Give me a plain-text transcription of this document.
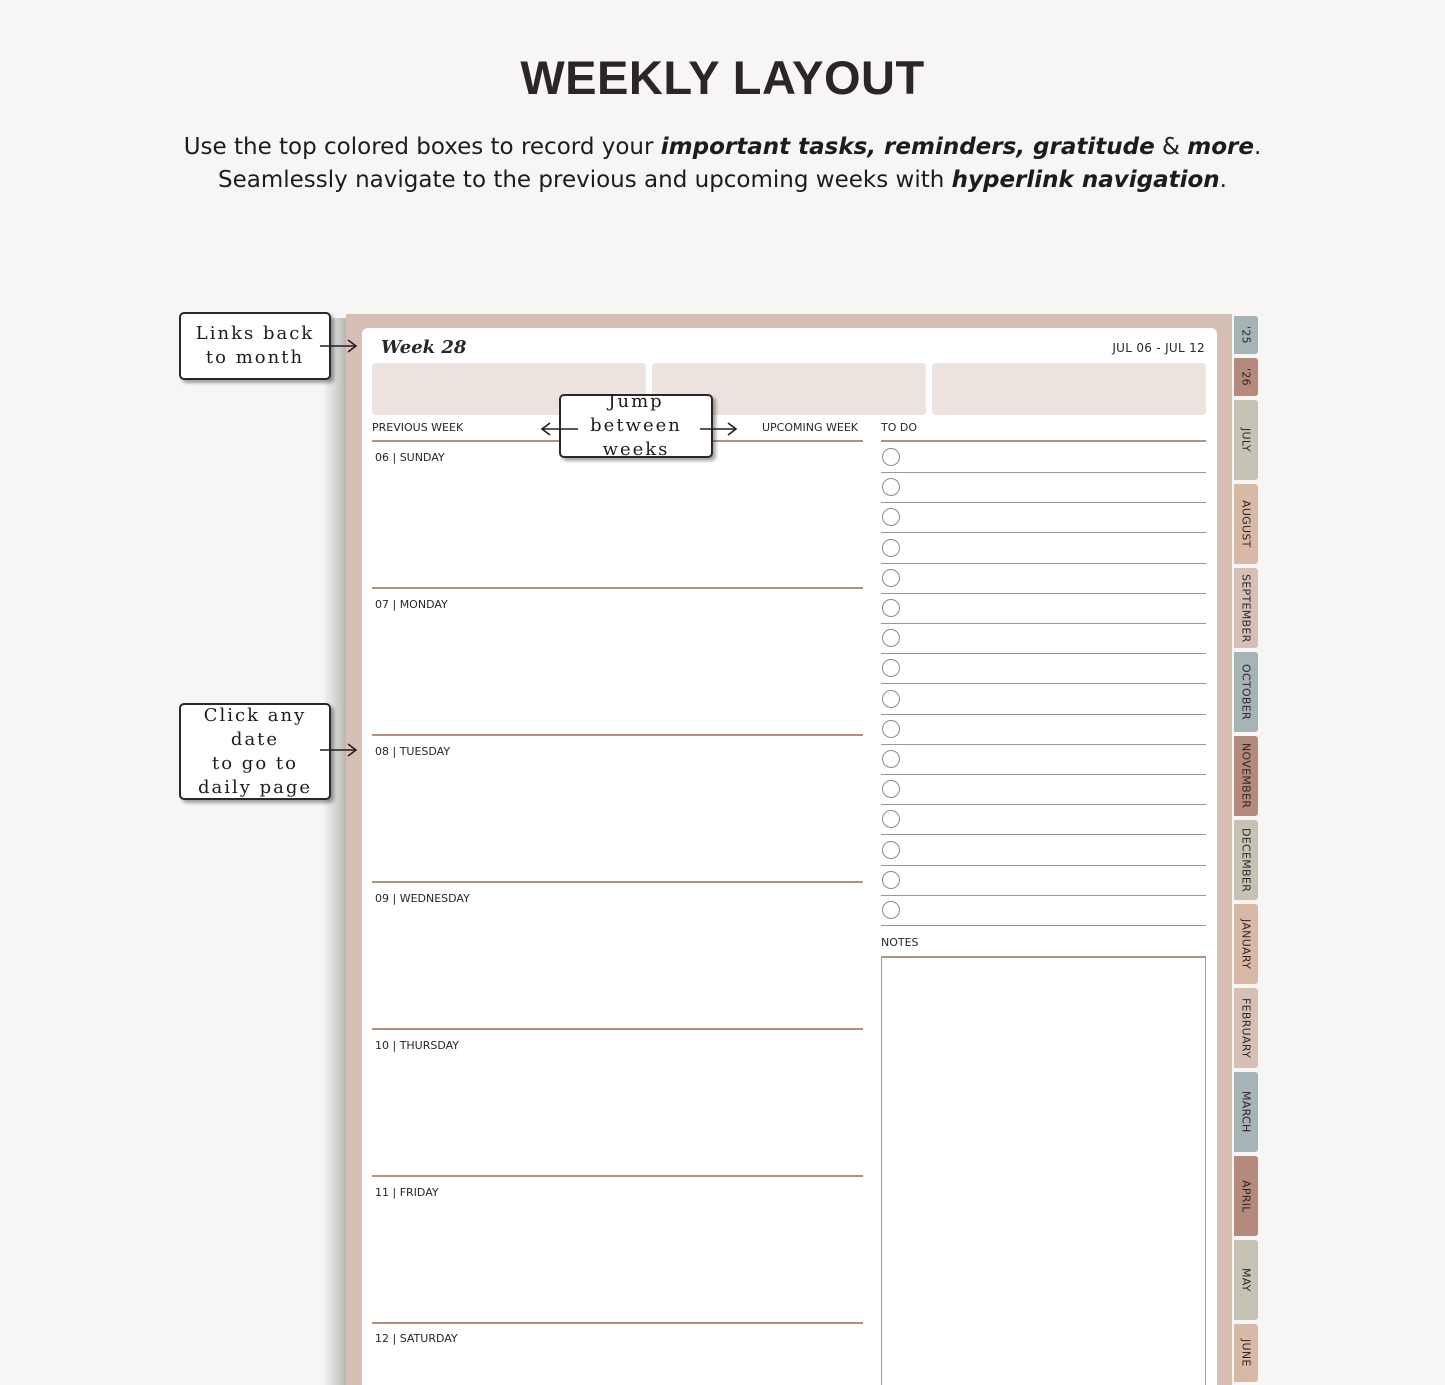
WEEKLY LAYOUT
Use the top colored boxes to record your important tasks, reminders, gratitude & more.
Seamlessly navigate to the previous and upcoming weeks with hyperlink navigation.
Week 28	JUL 06 - JUL 12
PREVIOUS WEEK	UPCOMING WEEK TO DO
06 | SUNDAY
07 | MONDAY
08 | TUESDAY
09 | WEDNESDAY
10 | THURSDAY
11 | FRIDAY
12 | SATURDAY
NOTES
'25
'26
JULY
AUGUST
SEPTEMBER
OCTOBER
NOVEMBER
DECEMBER
JANUARY
FEBRUARY
MARCH
APRIL
MAY
JUNE
Links back
to month
Jump between
weeks
Click any date
to go to
daily page
